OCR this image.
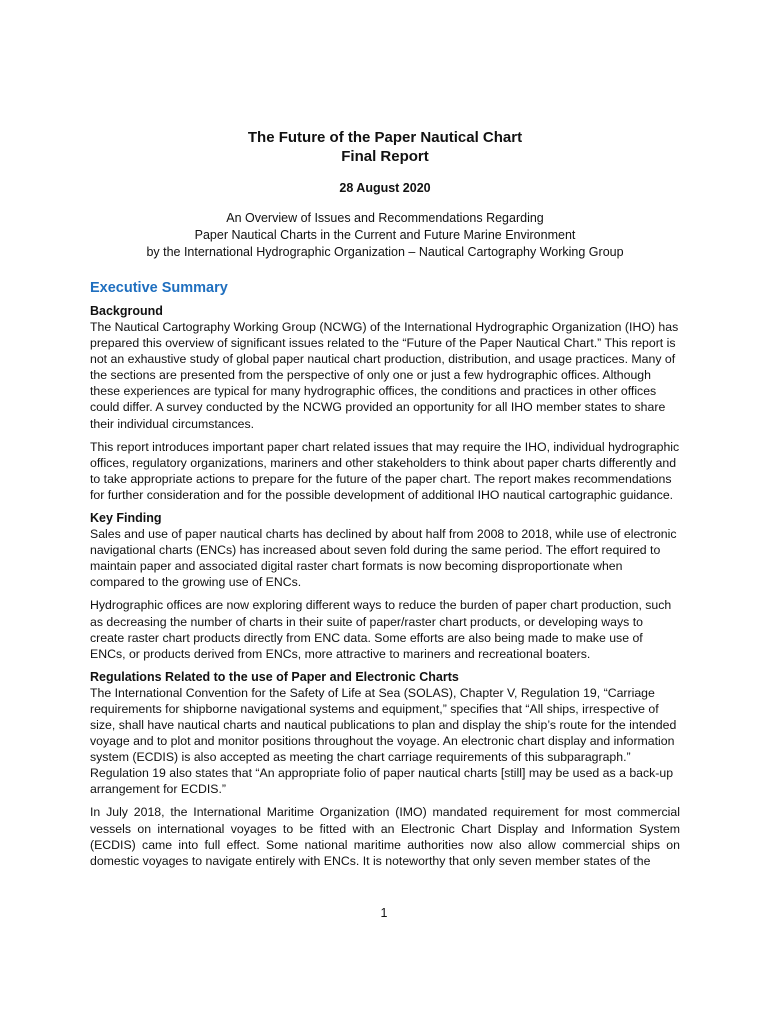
The Future of the Paper Nautical Chart
Final Report
28 August 2020
An Overview of Issues and Recommendations Regarding
Paper Nautical Charts in the Current and Future Marine Environment
by the International Hydrographic Organization – Nautical Cartography Working Group
Executive Summary
Background

The Nautical Cartography Working Group (NCWG) of the International Hydrographic Organization (IHO) has prepared this overview of significant issues related to the “Future of the Paper Nautical Chart.” This report is not an exhaustive study of global paper nautical chart production, distribution, and usage practices. Many of the sections are presented from the perspective of only one or just a few hydrographic offices. Although these experiences are typical for many hydrographic offices, the conditions and practices in other offices could differ. A survey conducted by the NCWG provided an opportunity for all IHO member states to share their individual circumstances.

This report introduces important paper chart related issues that may require the IHO, individual hydrographic offices, regulatory organizations, mariners and other stakeholders to think about paper charts differently and to take appropriate actions to prepare for the future of the paper chart. The report makes recommendations for further consideration and for the possible development of additional IHO nautical cartographic guidance.

Key Finding

Sales and use of paper nautical charts has declined by about half from 2008 to 2018, while use of electronic navigational charts (ENCs) has increased about seven fold during the same period. The effort required to maintain paper and associated digital raster chart formats is now becoming disproportionate when compared to the growing use of ENCs.

Hydrographic offices are now exploring different ways to reduce the burden of paper chart production, such as decreasing the number of charts in their suite of paper/raster chart products, or developing ways to create raster chart products directly from ENC data. Some efforts are also being made to make use of ENCs, or products derived from ENCs, more attractive to mariners and recreational boaters.

Regulations Related to the use of Paper and Electronic Charts

The International Convention for the Safety of Life at Sea (SOLAS), Chapter V, Regulation 19, “Carriage requirements for shipborne navigational systems and equipment,” specifies that “All ships, irrespective of size, shall have nautical charts and nautical publications to plan and display the ship’s route for the intended voyage and to plot and monitor positions throughout the voyage. An electronic chart display and information system (ECDIS) is also accepted as meeting the chart carriage requirements of this subparagraph.” Regulation 19 also states that “An appropriate folio of paper nautical charts [still] may be used as a back-up arrangement for ECDIS.”

In July 2018, the International Maritime Organization (IMO) mandated requirement for most commercial vessels on international voyages to be fitted with an Electronic Chart Display and Information System (ECDIS) came into full effect. Some national maritime authorities now also allow commercial ships on domestic voyages to navigate entirely with ENCs. It is noteworthy that only seven member states of the

1
